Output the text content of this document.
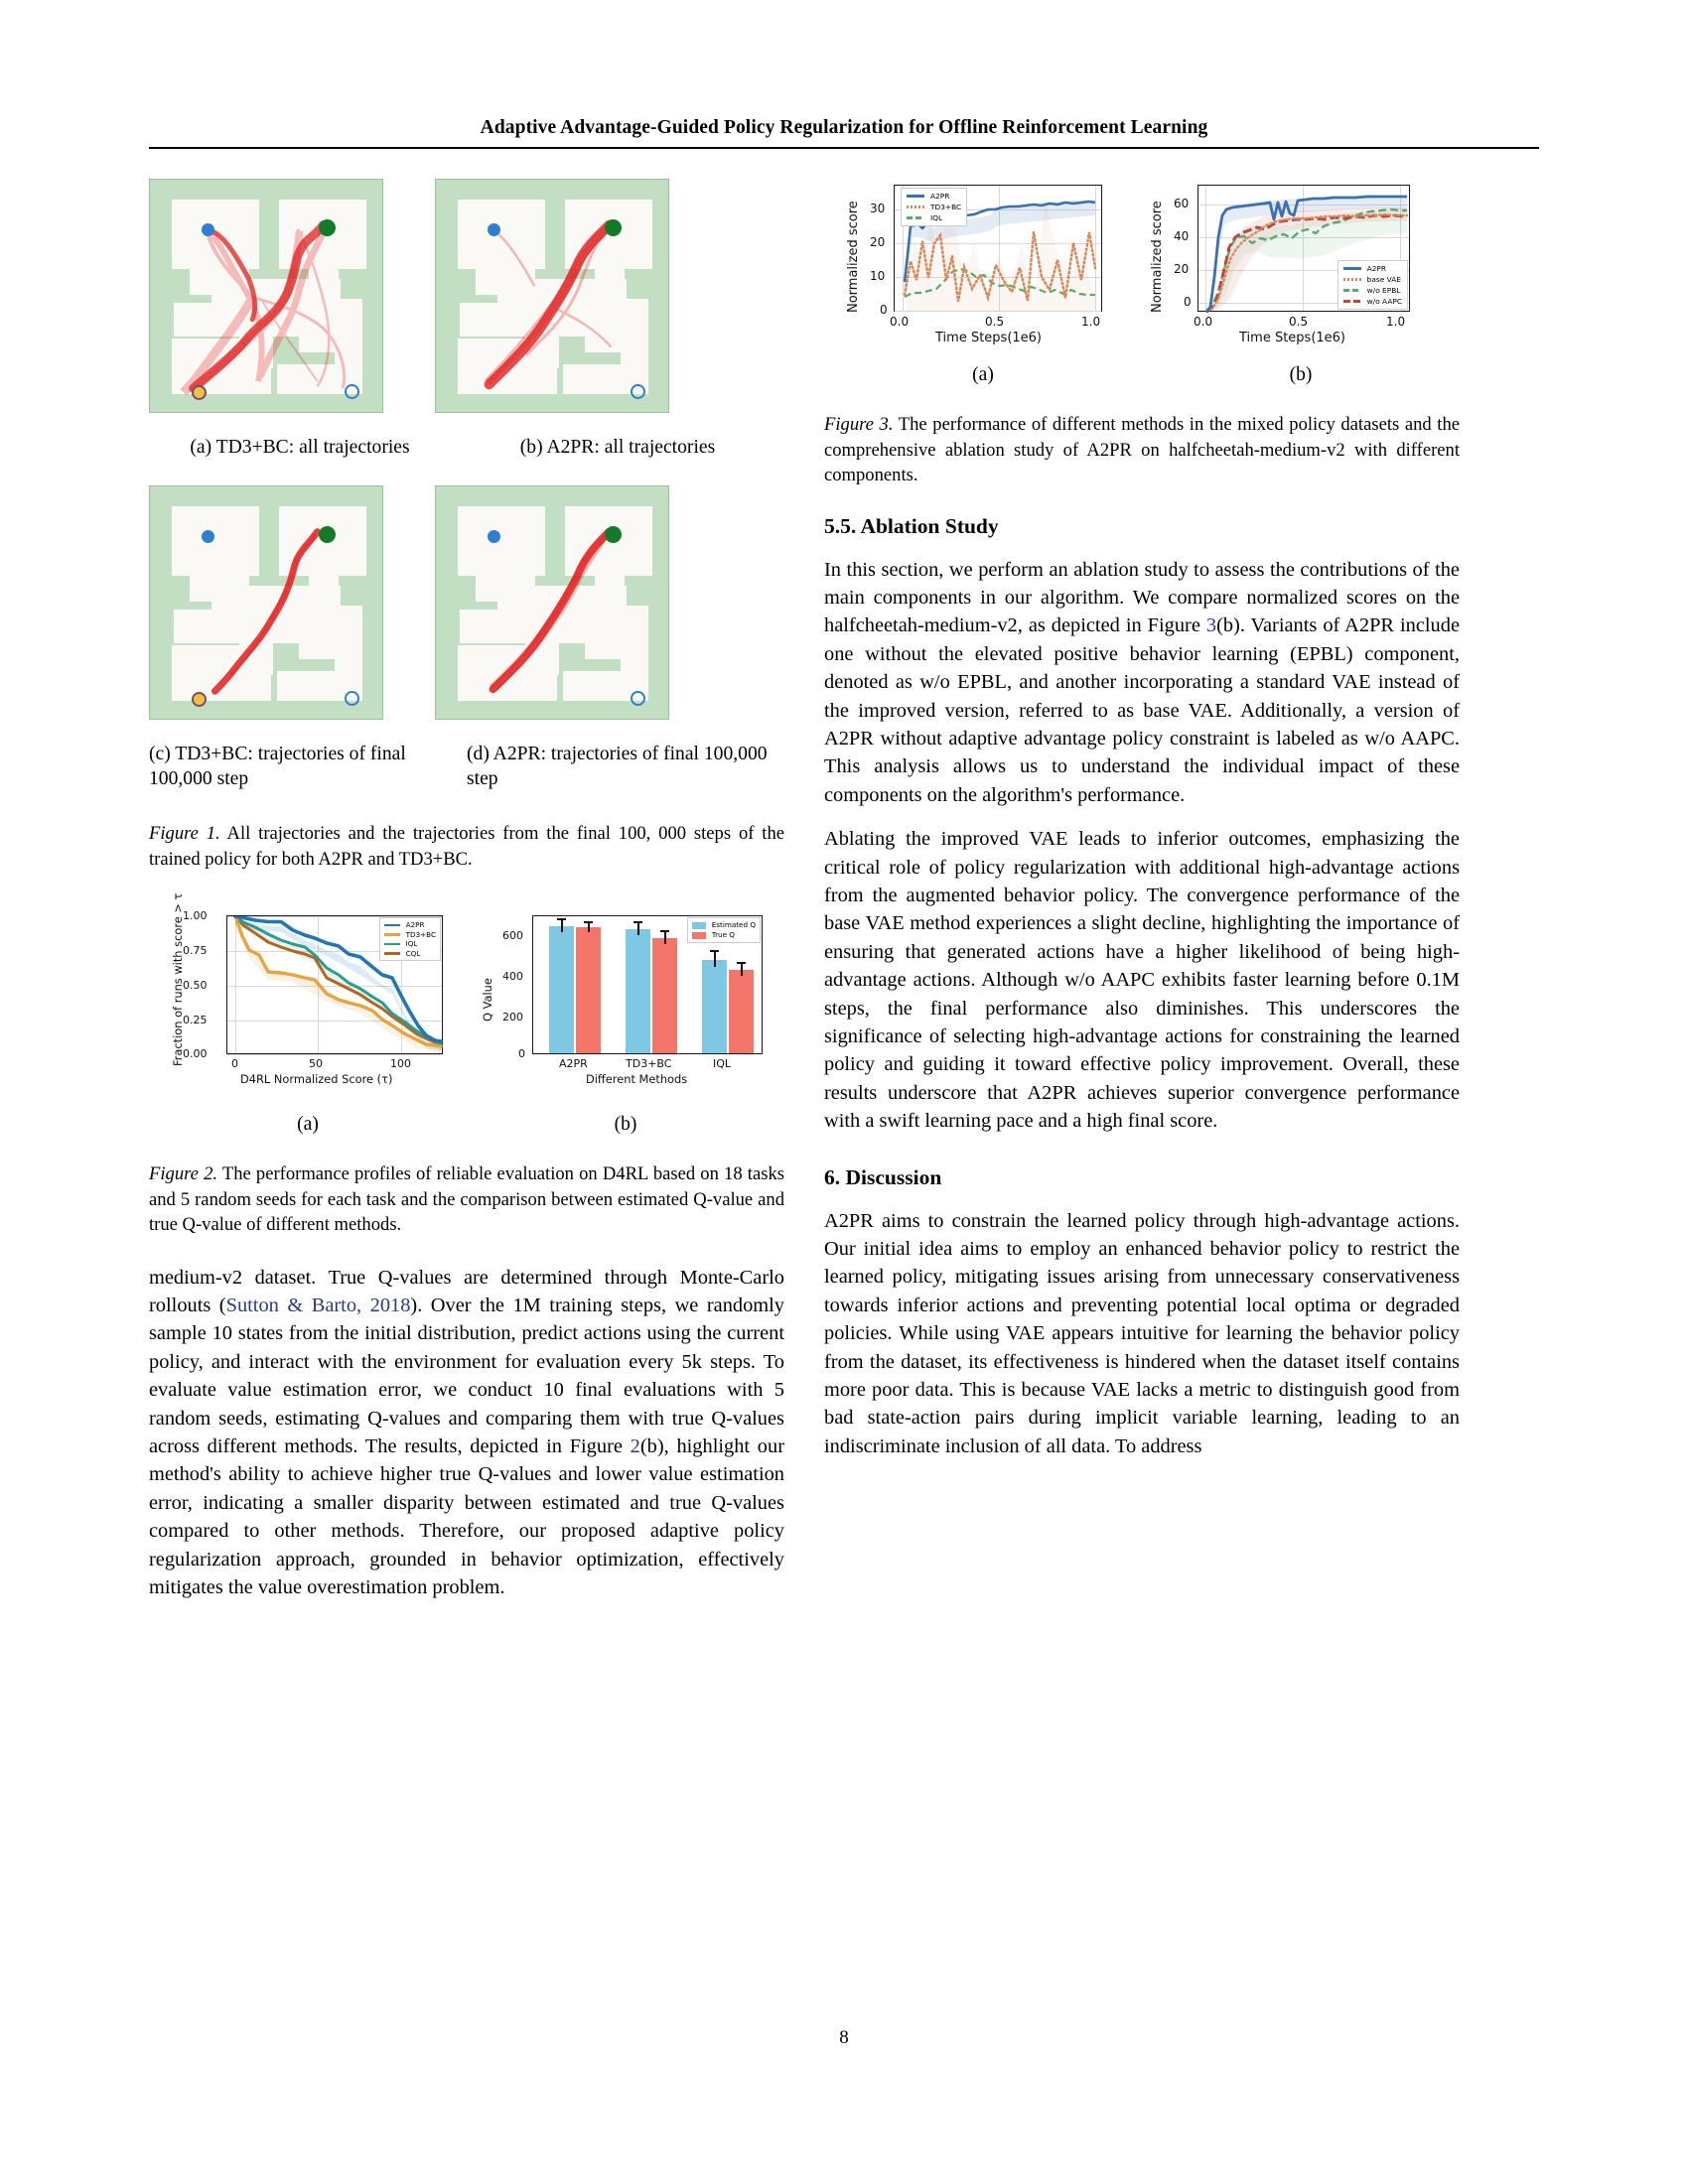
Adaptive Advantage-Guided Policy Regularization for Offline Reinforcement Learning
(a) TD3+BC: all trajectories	(b) A2PR: all trajectories
(c) TD3+BC: trajectories of final 100,000 step
(d) A2PR: trajectories of final 100,000 step
Figure 1. All trajectories and the trajectories from the final 100, 000 steps of the trained policy for both A2PR and TD3+BC.
A2PR
TD3+BC
IQL
CQL
1.00
0.75
0.50
0.25
0.00
0	50	100
D4RL Normalized Score (τ)
Fraction of runs with score > τ	Estimated Q
True Q
600
400
200
0
A2PR	TD3+BC	IQL
Different Methods
Q Value
(a)	(b)
Figure 2. The performance profiles of reliable evaluation on D4RL based on 18 tasks and 5 random seeds for each task and the comparison between estimated Q-value and true Q-value of different methods.

medium-v2 dataset. True Q-values are determined through Monte-Carlo rollouts (Sutton & Barto, 2018). Over the 1M training steps, we randomly sample 10 states from the initial distribution, predict actions using the current policy, and interact with the environment for evaluation every 5k steps. To evaluate value estimation error, we conduct 10 final evaluations with 5 random seeds, estimating Q-values and comparing them with true Q-values across different methods. The results, depicted in Figure 2(b), highlight our method's ability to achieve higher true Q-values and lower value estimation error, indicating a smaller disparity between estimated and true Q-values compared to other methods. Therefore, our proposed adaptive policy regularization approach, grounded in behavior optimization, effectively mitigates the value overestimation problem.

A2PR
TD3+BC
IQL
30
20
10
0
0.0	0.5	1.0
Time Steps(1e6)
Normalized score	A2PR
base VAE
w/o EPBL
w/o AAPC
60
40
20
0
0.0	0.5	1.0
Time Steps(1e6)
Normalized score
(a)	(b)
Figure 3. The performance of different methods in the mixed policy datasets and the comprehensive ablation study of A2PR on halfcheetah-medium-v2 with different components.
5.5. Ablation Study

In this section, we perform an ablation study to assess the contributions of the main components in our algorithm. We compare normalized scores on the halfcheetah-medium-v2, as depicted in Figure 3(b). Variants of A2PR include one without the elevated positive behavior learning (EPBL) component, denoted as w/o EPBL, and another incorporating a standard VAE instead of the improved version, referred to as base VAE. Additionally, a version of A2PR without adaptive advantage policy constraint is labeled as w/o AAPC. This analysis allows us to understand the individual impact of these components on the algorithm's performance.

Ablating the improved VAE leads to inferior outcomes, emphasizing the critical role of policy regularization with additional high-advantage actions from the augmented behavior policy. The convergence performance of the base VAE method experiences a slight decline, highlighting the importance of ensuring that generated actions have a higher likelihood of being high-advantage actions. Although w/o AAPC exhibits faster learning before 0.1M steps, the final performance also diminishes. This underscores the significance of selecting high-advantage actions for constraining the learned policy and guiding it toward effective policy improvement. Overall, these results underscore that A2PR achieves superior convergence performance with a swift learning pace and a high final score.

6. Discussion

A2PR aims to constrain the learned policy through high-advantage actions. Our initial idea aims to employ an enhanced behavior policy to restrict the learned policy, mitigating issues arising from unnecessary conservativeness towards inferior actions and preventing potential local optima or degraded policies. While using VAE appears intuitive for learning the behavior policy from the dataset, its effectiveness is hindered when the dataset itself contains more poor data. This is because VAE lacks a metric to distinguish good from bad state-action pairs during implicit variable learning, leading to an indiscriminate inclusion of all data. To address

8
